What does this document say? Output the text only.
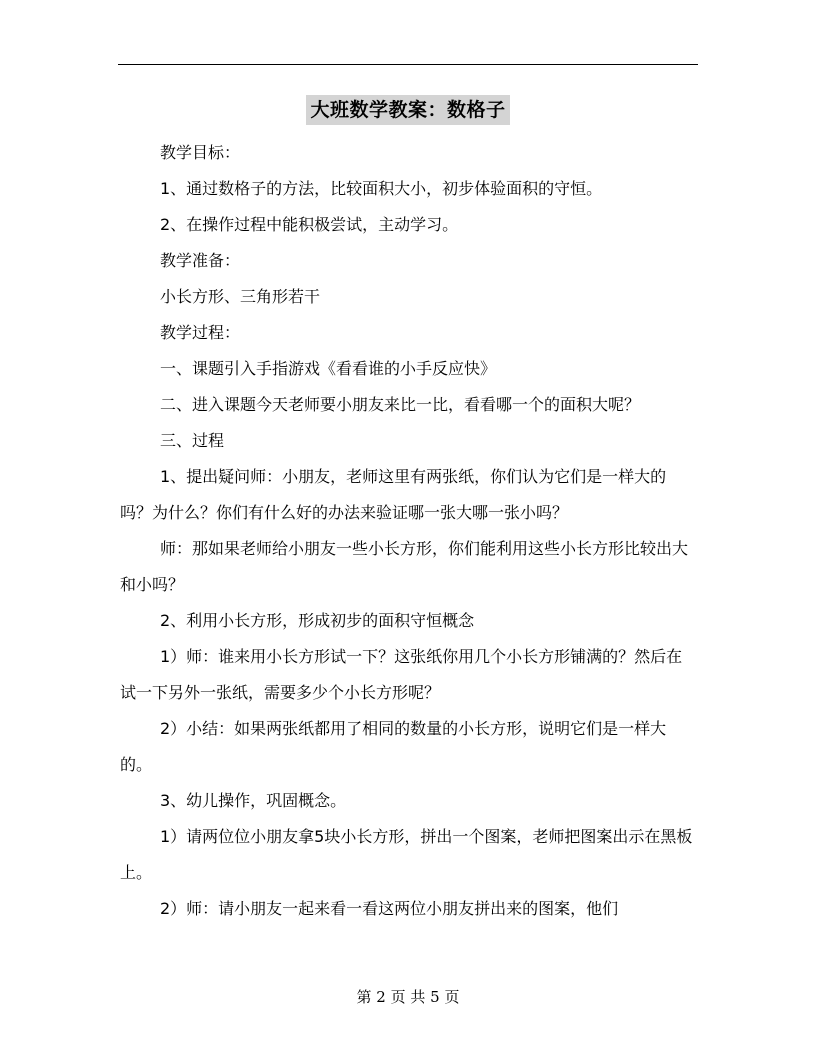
大班数学教案：数格子

教学目标：

1、通过数格子的方法，比较面积大小，初步体验面积的守恒。

2、在操作过程中能积极尝试，主动学习。

教学准备：

小长方形、三角形若干

教学过程：

一、课题引入手指游戏《看看谁的小手反应快》

二、进入课题今天老师要小朋友来比一比，看看哪一个的面积大呢？

三、过程

1、提出疑问师：小朋友，老师这里有两张纸，你们认为它们是一样大的吗？为什么？你们有什么好的办法来验证哪一张大哪一张小吗？

师：那如果老师给小朋友一些小长方形，你们能利用这些小长方形比较出大和小吗？

2、利用小长方形，形成初步的面积守恒概念

1）师：谁来用小长方形试一下？这张纸你用几个小长方形铺满的？然后在试一下另外一张纸，需要多少个小长方形呢？

2）小结：如果两张纸都用了相同的数量的小长方形，说明它们是一样大的。

3、幼儿操作，巩固概念。

1）请两位位小朋友拿5块小长方形，拼出一个图案，老师把图案出示在黑板上。

2）师：请小朋友一起来看一看这两位小朋友拼出来的图案，他们

第 2 页 共 5 页
